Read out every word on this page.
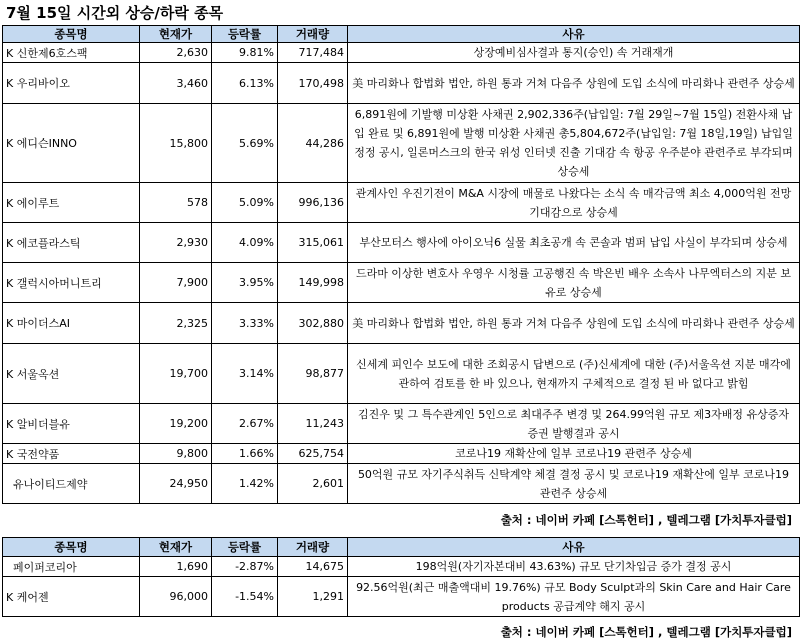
7월 15일 시간외 상승/하락 종목
종목명	현재가	등락률	거래량	사유
K 신한제6호스팩	2,630	9.81%	717,484	상장예비심사결과 통지(승인) 속 거래재개
K 우리바이오	3,460	6.13%	170,498	美 마리화나 합법화 법안, 하원 통과 거쳐 다음주 상원에 도입 소식에 마리화나 관련주 상승세
K 에디슨INNO	15,800	5.69%	44,286	6,891원에 기발행 미상환 사채권 2,902,336주(납입일: 7월 29일~7월 15일) 전환사채 납입 완료 및 6,891원에 발행 미상환 사채권 총5,804,672주(납입일: 7월 18일,19일) 납입일 정정 공시, 일론머스크의 한국 위성 인터넷 진출 기대감 속 항공 우주분야 관련주로 부각되며 상승세
K 에이루트	578	5.09%	996,136	관계사인 우진기전이 M&A 시장에 매물로 나왔다는 소식 속 매각금액 최소 4,000억원 전망 기대감으로 상승세
K 에코플라스틱	2,930	4.09%	315,061	부산모터스 행사에 아이오닉6 실물 최초공개 속 콘솔과 범퍼 납입 사실이 부각되며 상승세
K 갤럭시아머니트리	7,900	3.95%	149,998	드라마 이상한 변호사 우영우 시청률 고공행진 속 박은빈 배우 소속사 나무엑터스의 지분 보유로 상승세
K 마이더스AI	2,325	3.33%	302,880	美 마리화나 합법화 법안, 하원 통과 거쳐 다음주 상원에 도입 소식에 마리화나 관련주 상승세
K 서울옥션	19,700	3.14%	98,877	신세계 피인수 보도에 대한 조회공시 답변으로 (주)신세계에 대한 (주)서울옥션 지분 매각에 관하여 검토를 한 바 있으나, 현재까지 구체적으로 결정 된 바 없다고 밝힘
K 알비더블유	19,200	2.67%	11,243	김진우 및 그 특수관계인 5인으로 최대주주 변경 및 264.99억원 규모 제3자배정 유상증자 증권 발행결과 공시
K 국전약품	9,800	1.66%	625,754	코로나19 재확산에 일부 코로나19 관련주 상승세
유나이티드제약	24,950	1.42%	2,601	50억원 규모 자기주식취득 신탁계약 체결 결정 공시 및 코로나19 재확산에 일부 코로나19 관련주 상승세
출처 : 네이버 카페 [스톡헌터] , 텔레그램 [가치투자클럽]
종목명	현재가	등락률	거래량	사유
페이퍼코리아	1,690	-2.87%	14,675	198억원(자기자본대비 43.63%) 규모 단기차입금 증가 결정 공시
K 케어젠	96,000	-1.54%	1,291	92.56억원(최근 매출액대비 19.76%) 규모 Body Sculpt과의 Skin Care and Hair Care products 공급계약 해지 공시
출처 : 네이버 카페 [스톡헌터] , 텔레그램 [가치투자클럽]
